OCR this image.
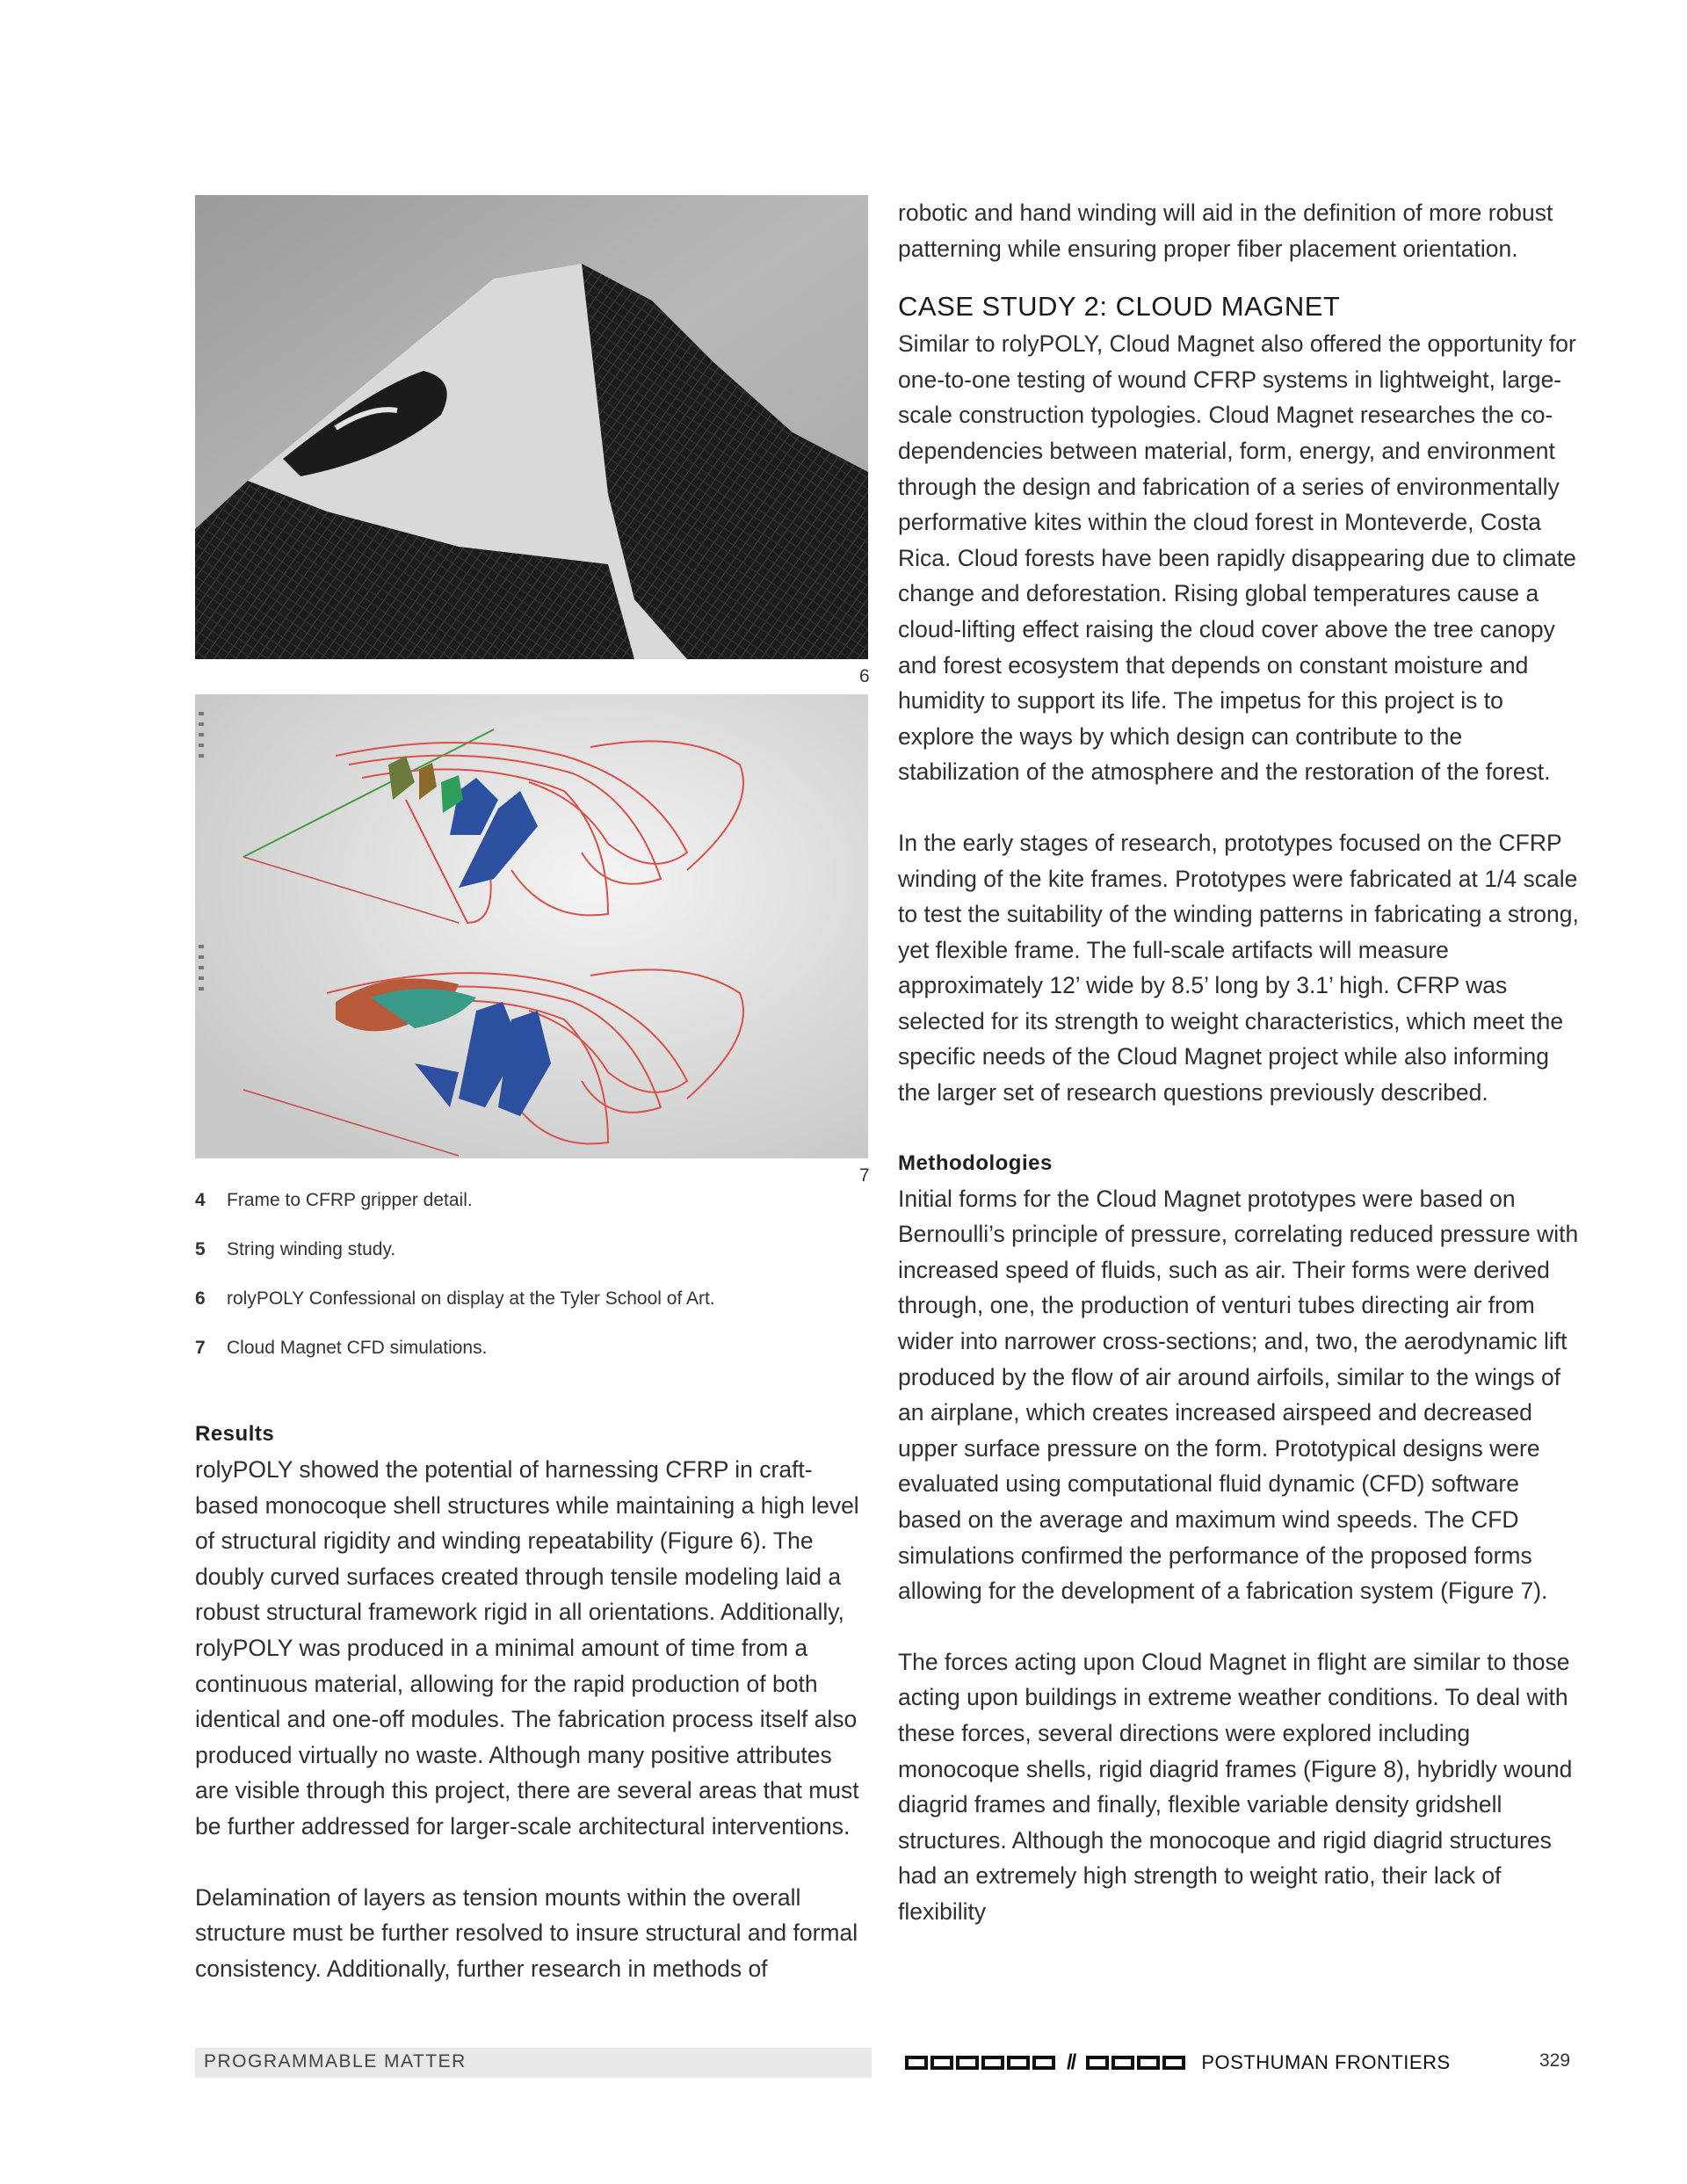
6
7
4	Frame to CFRP gripper detail.
5	String winding study.
6	rolyPOLY Confessional on display at the Tyler School of Art.
7	Cloud Magnet CFD simulations.
Results

rolyPOLY showed the potential of harnessing CFRP in craft-based monocoque shell structures while maintaining a high level of structural rigidity and winding repeatability (Figure 6). The doubly curved surfaces created through tensile modeling laid a robust structural framework rigid in all orientations. Additionally, rolyPOLY was produced in a minimal amount of time from a continuous material, allowing for the rapid production of both identical and one-off modules. The fabrication process itself also produced virtually no waste. Although many positive attributes are visible through this project, there are several areas that must be further addressed for larger-scale architectural interventions.

Delamination of layers as tension mounts within the overall structure must be further resolved to insure structural and formal consistency. Additionally, further research in methods of

robotic and hand winding will aid in the definition of more robust patterning while ensuring proper fiber placement orientation.

CASE STUDY 2: CLOUD MAGNET

Similar to rolyPOLY, Cloud Magnet also offered the opportunity for one-to-one testing of wound CFRP systems in lightweight, large-scale construction typologies. Cloud Magnet researches the co-dependencies between material, form, energy, and environment through the design and fabrication of a series of environmentally performative kites within the cloud forest in Monteverde, Costa Rica. Cloud forests have been rapidly disappearing due to climate change and deforestation. Rising global temperatures cause a cloud-lifting effect raising the cloud cover above the tree canopy and forest ecosystem that depends on constant moisture and humidity to support its life. The impetus for this project is to explore the ways by which design can contribute to the stabilization of the atmosphere and the restoration of the forest.

In the early stages of research, prototypes focused on the CFRP winding of the kite frames. Prototypes were fabricated at 1/4 scale to test the suitability of the winding patterns in fabricating a strong, yet flexible frame. The full-scale artifacts will measure approximately 12’ wide by 8.5’ long by 3.1’ high. CFRP was selected for its strength to weight characteristics, which meet the specific needs of the Cloud Magnet project while also informing the larger set of research questions previously described.

Methodologies

Initial forms for the Cloud Magnet prototypes were based on Bernoulli’s principle of pressure, correlating reduced pressure with increased speed of fluids, such as air. Their forms were derived through, one, the production of venturi tubes directing air from wider into narrower cross-sections; and, two, the aerodynamic lift produced by the flow of air around airfoils, similar to the wings of an airplane, which creates increased airspeed and decreased upper surface pressure on the form. Prototypical designs were evaluated using computational fluid dynamic (CFD) software based on the average and maximum wind speeds. The CFD simulations confirmed the performance of the proposed forms allowing for the development of a fabrication system (Figure 7).

The forces acting upon Cloud Magnet in flight are similar to those acting upon buildings in extreme weather conditions. To deal with these forces, several directions were explored including monocoque shells, rigid diagrid frames (Figure 8), hybridly wound diagrid frames and finally, flexible variable density gridshell structures. Although the monocoque and rigid diagrid structures had an extremely high strength to weight ratio, their lack of flexibility

PROGRAMMABLE MATTER	//	POSTHUMAN FRONTIERS	329
